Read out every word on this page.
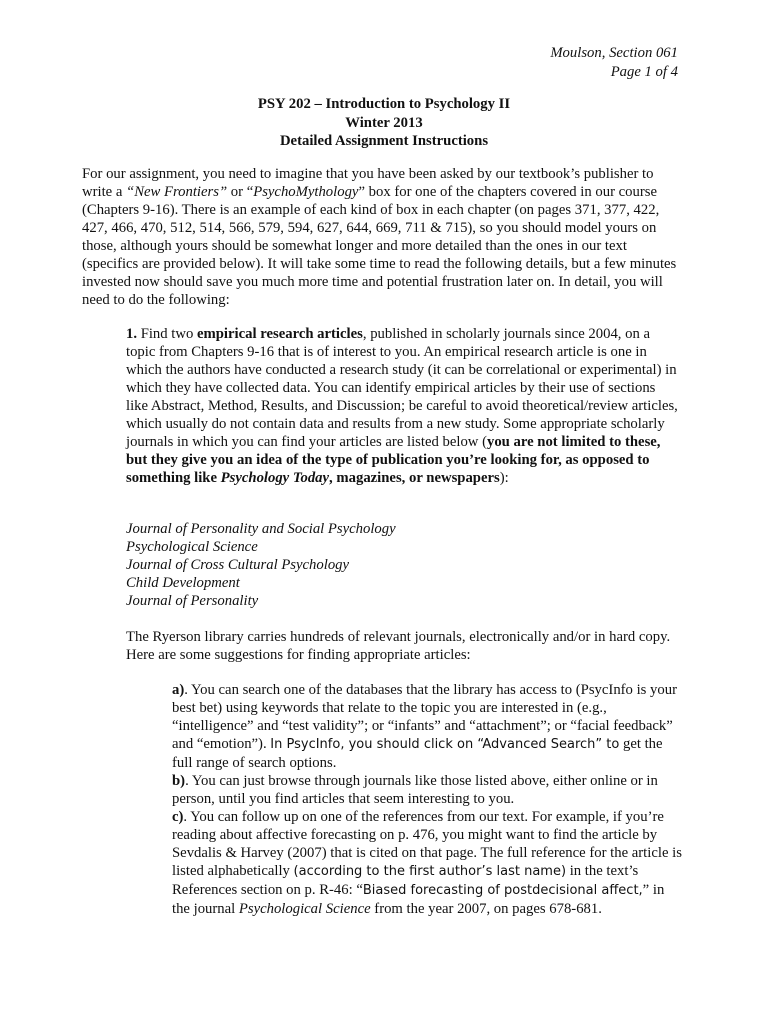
Moulson, Section 061
Page 1 of 4
PSY 202 – Introduction to Psychology II
Winter 2013
Detailed Assignment Instructions

For our assignment, you need to imagine that you have been asked by our textbook’s publisher to write a “New Frontiers” or “PsychoMythology” box for one of the chapters covered in our course (Chapters 9-16). There is an example of each kind of box in each chapter (on pages 371, 377, 422, 427, 466, 470, 512, 514, 566, 579, 594, 627, 644, 669, 711 & 715), so you should model yours on those, although yours should be somewhat longer and more detailed than the ones in our text (specifics are provided below). It will take some time to read the following details, but a few minutes invested now should save you much more time and potential frustration later on. In detail, you will need to do the following:

1. Find two empirical research articles, published in scholarly journals since 2004, on a topic from Chapters 9-16 that is of interest to you. An empirical research article is one in which the authors have conducted a research study (it can be correlational or experimental) in which they have collected data. You can identify empirical articles by their use of sections like Abstract, Method, Results, and Discussion; be careful to avoid theoretical/review articles, which usually do not contain data and results from a new study. Some appropriate scholarly journals in which you can find your articles are listed below (you are not limited to these, but they give you an idea of the type of publication you’re looking for, as opposed to something like Psychology Today, magazines, or newspapers):

Journal of Personality and Social Psychology
Psychological Science
Journal of Cross Cultural Psychology
Child Development
Journal of Personality

The Ryerson library carries hundreds of relevant journals, electronically and/or in hard copy. Here are some suggestions for finding appropriate articles:

a). You can search one of the databases that the library has access to (PsycInfo is your best bet) using keywords that relate to the topic you are interested in (e.g., “intelligence” and “test validity”; or “infants” and “attachment”; or “facial feedback” and “emotion”). In PsycInfo, you should click on “Advanced Search” to get the full range of search options.

b). You can just browse through journals like those listed above, either online or in person, until you find articles that seem interesting to you.

c). You can follow up on one of the references from our text. For example, if you’re reading about affective forecasting on p. 476, you might want to find the article by Sevdalis & Harvey (2007) that is cited on that page. The full reference for the article is listed alphabetically (according to the first author’s last name) in the text’s References section on p. R-46: “Biased forecasting of postdecisional affect,” in the journal Psychological Science from the year 2007, on pages 678-681.
